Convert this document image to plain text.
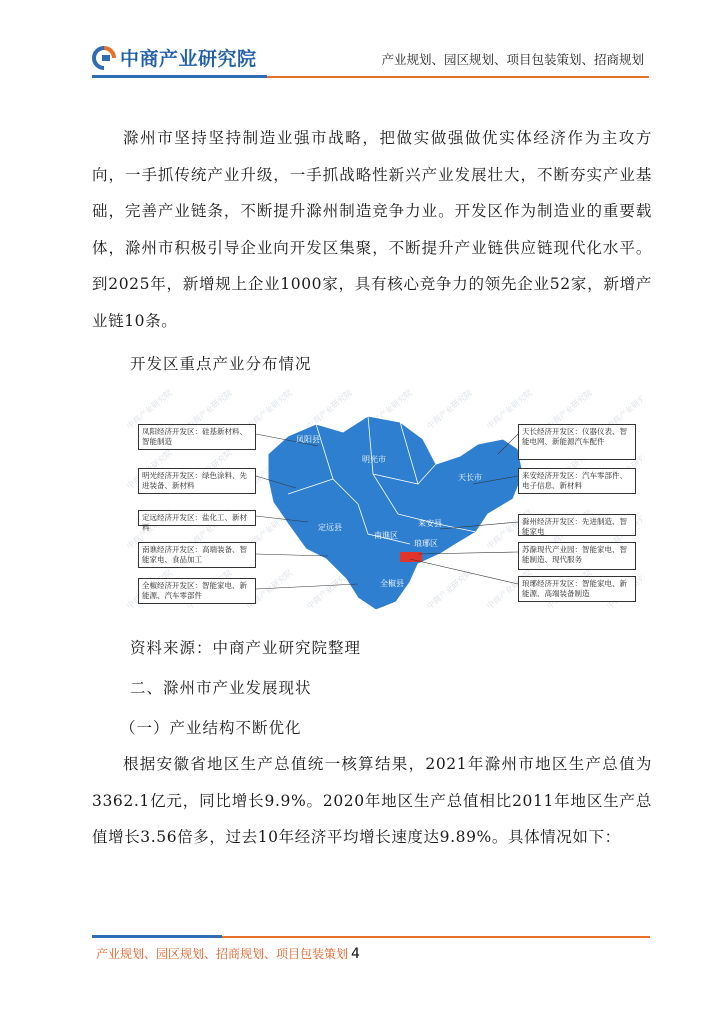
中商产业研究院	产业规划、园区规划、项目包装策划、招商规划
滁州市坚持坚持制造业强市战略，把做实做强做优实体经济作为主攻方向，一手抓传统产业升级，一手抓战略性新兴产业发展壮大，不断夯实产业基础，完善产业链条，不断提升滁州制造竞争力业。开发区作为制造业的重要载体，滁州市积极引导企业向开发区集聚，不断提升产业链供应链现代化水平。到2025年，新增规上企业1000家，具有核心竞争力的领先企业52家，新增产业链10条。
开发区重点产业分布情况
凤阳县
明光市
天长市
定远县
南谯区
来安县
琅琊区
全椒县
凤阳经济开发区：硅基新材料、智能制造
明光经济开发区：绿色涂料、先进装备、新材料
定远经济开发区：盐化工、新材料
南谯经济开发区：高端装备、智能家电、食品加工
全椒经济开发区：智能家电、新能源、汽车零部件
天长经济开发区：仪器仪表、智能电网、新能源汽车配件
来安经济开发区：汽车零部件、电子信息、新材料
滁州经济开发区：先进制造、智能家电
苏滁现代产业园：智能家电、智能制造、现代服务
琅琊经济开发区：智能家电、新能源、高端装备制造
资料来源：中商产业研究院整理
二、滁州市产业发展现状
（一）产业结构不断优化
根据安徽省地区生产总值统一核算结果，2021年滁州市地区生产总值为3362.1亿元，同比增长9.9%。2020年地区生产总值相比2011年地区生产总值增长3.56倍多，过去10年经济平均增长速度达9.89%。具体情况如下：
产业规划、园区规划、招商规划、项目包装策划 4
